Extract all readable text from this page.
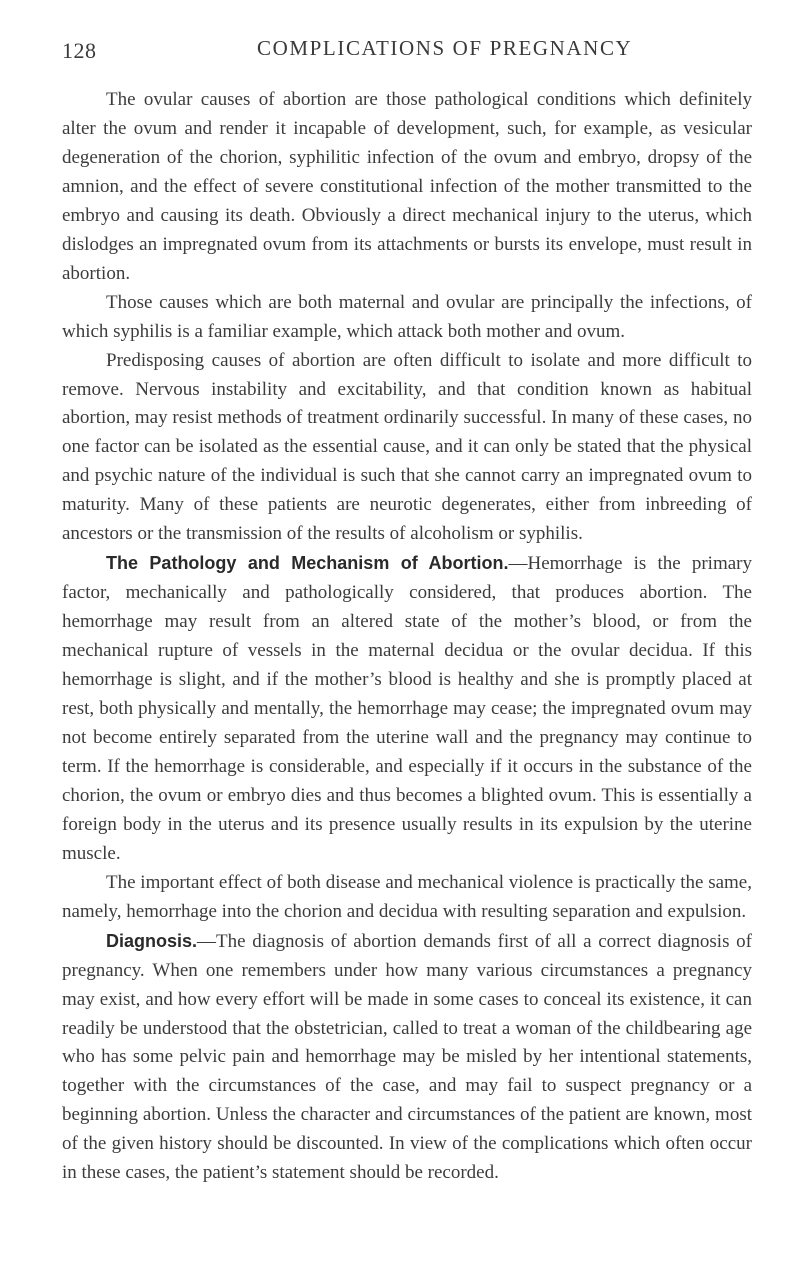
128	COMPLICATIONS OF PREGNANCY

The ovular causes of abortion are those pathological conditions which definitely alter the ovum and render it incapable of development, such, for example, as vesicular degeneration of the chorion, syphilitic infection of the ovum and embryo, dropsy of the amnion, and the effect of severe constitutional infection of the mother transmitted to the embryo and causing its death. Obviously a direct mechanical injury to the uterus, which dislodges an impregnated ovum from its attachments or bursts its envelope, must result in abortion.

Those causes which are both maternal and ovular are principally the infections, of which syphilis is a familiar example, which attack both mother and ovum.

Predisposing causes of abortion are often difficult to isolate and more difficult to remove. Nervous instability and excitability, and that condition known as habitual abortion, may resist methods of treatment ordinarily successful. In many of these cases, no one factor can be isolated as the essential cause, and it can only be stated that the physical and psychic nature of the individual is such that she cannot carry an impregnated ovum to maturity. Many of these patients are neurotic degenerates, either from inbreeding of ancestors or the transmission of the results of alcoholism or syphilis.

The Pathology and Mechanism of Abortion.—Hemorrhage is the primary factor, mechanically and pathologically considered, that produces abortion. The hemorrhage may result from an altered state of the mother’s blood, or from the mechanical rupture of vessels in the maternal decidua or the ovular decidua. If this hemorrhage is slight, and if the mother’s blood is healthy and she is promptly placed at rest, both physically and mentally, the hemorrhage may cease; the impregnated ovum may not become entirely separated from the uterine wall and the pregnancy may continue to term. If the hemorrhage is considerable, and especially if it occurs in the substance of the chorion, the ovum or embryo dies and thus becomes a blighted ovum. This is essentially a foreign body in the uterus and its presence usually results in its expulsion by the uterine muscle.

The important effect of both disease and mechanical violence is practically the same, namely, hemorrhage into the chorion and decidua with resulting separation and expulsion.

Diagnosis.—The diagnosis of abortion demands first of all a correct diagnosis of pregnancy. When one remembers under how many various circumstances a pregnancy may exist, and how every effort will be made in some cases to conceal its existence, it can readily be understood that the obstetrician, called to treat a woman of the childbearing age who has some pelvic pain and hemorrhage may be misled by her intentional statements, together with the circumstances of the case, and may fail to suspect pregnancy or a beginning abortion. Unless the character and circumstances of the patient are known, most of the given history should be discounted. In view of the complications which often occur in these cases, the patient’s statement should be recorded.
